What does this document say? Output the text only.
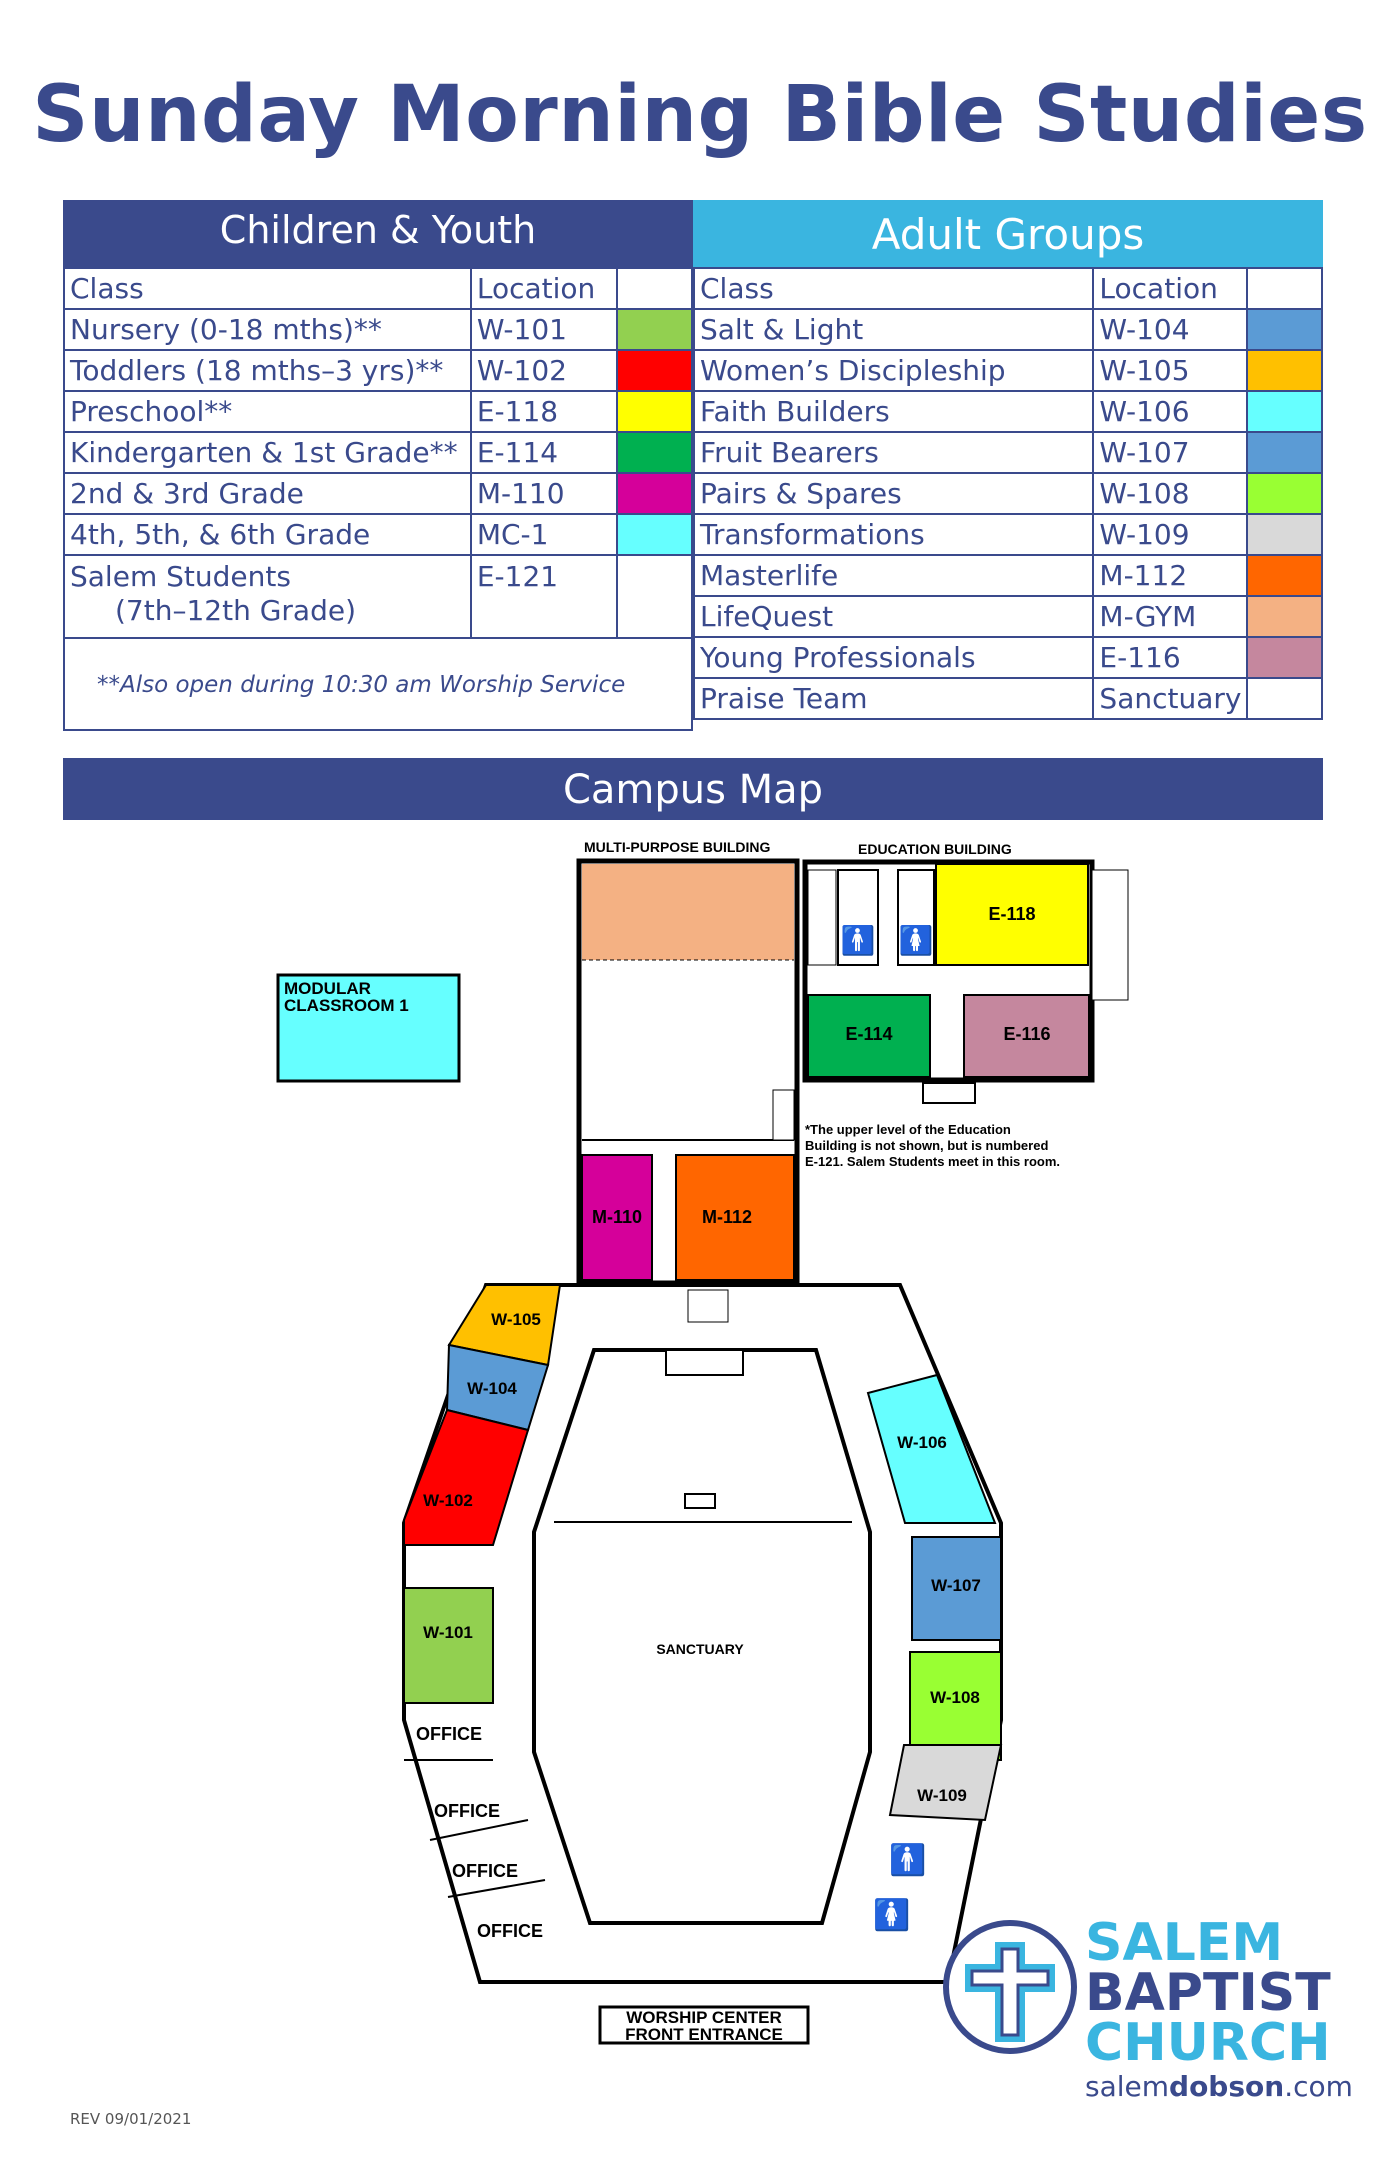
Sunday Morning Bible Studies
Children & Youth	Adult Groups
Class	Location	
Nursery (0-18 mths)**	W-101	
Toddlers (18 mths–3 yrs)**	W-102	
Preschool**	E-118	
Kindergarten & 1st Grade**	E-114	
2nd & 3rd Grade	M-110	
4th, 5th, & 6th Grade	MC-1	
Salem Students
(7th–12th Grade)	E-121	

**Also open during 10:30 am Worship Service
Class	Location	
Salt & Light	W-104	
Women’s Discipleship	W-105	
Faith Builders	W-106	
Fruit Bearers	W-107	
Pairs & Spares	W-108	
Transformations	W-109	
Masterlife	M-112	
LifeQuest	M-GYM	
Young Professionals	E-116	
Praise Team	Sanctuary	
Campus Map
MODULAR
CLASSROOM 1
MULTI-PURPOSE BUILDING
M-110	M-112
EDUCATION BUILDING
🚹 🚺
E-118
E-114	E-116
*The upper level of the Education
Building is not shown, but is numbered
E-121. Salem Students meet in this room.
SANCTUARY
W-105
W-104
W-102
W-101
OFFICE
OFFICE
OFFICE
OFFICE
W-106
W-107
W-108
W-109
🚹
🚺
WORSHIP CENTER
FRONT ENTRANCE
SALEM
BAPTIST
CHURCH
salemdobson.com
REV 09/01/2021
